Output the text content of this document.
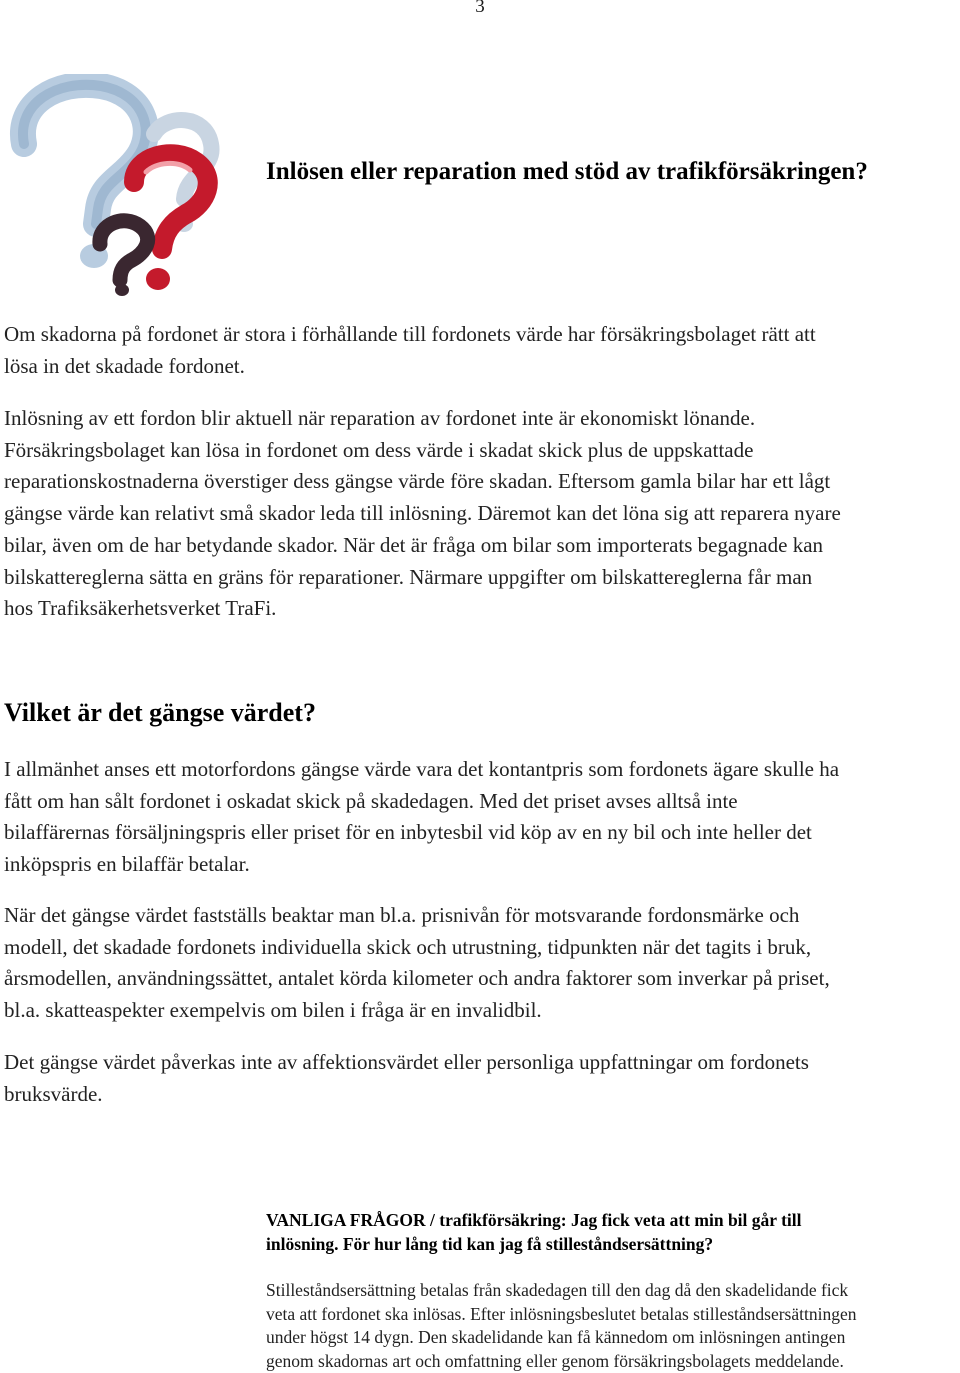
3
Inlösen eller reparation med stöd av trafikförsäkringen?
Om skadorna på fordonet är stora i förhållande till fordonets värde har försäkringsbolaget rätt att
lösa in det skadade fordonet.
Inlösning av ett fordon blir aktuell när reparation av fordonet inte är ekonomiskt lönande.
Försäkringsbolaget kan lösa in fordonet om dess värde i skadat skick plus de uppskattade
reparationskostnaderna överstiger dess gängse värde före skadan. Eftersom gamla bilar har ett lågt
gängse värde kan relativt små skador leda till inlösning. Däremot kan det löna sig att reparera nyare
bilar, även om de har betydande skador. När det är fråga om bilar som importerats begagnade kan
bilskattereglerna sätta en gräns för reparationer. Närmare uppgifter om bilskattereglerna får man
hos Trafiksäkerhetsverket TraFi.
Vilket är det gängse värdet?
I allmänhet anses ett motorfordons gängse värde vara det kontantpris som fordonets ägare skulle ha
fått om han sålt fordonet i oskadat skick på skadedagen. Med det priset avses alltså inte
bilaffärernas försäljningspris eller priset för en inbytesbil vid köp av en ny bil och inte heller det
inköpspris en bilaffär betalar.
När det gängse värdet fastställs beaktar man bl.a. prisnivån för motsvarande fordonsmärke och
modell, det skadade fordonets individuella skick och utrustning, tidpunkten när det tagits i bruk,
årsmodellen, användningssättet, antalet körda kilometer och andra faktorer som inverkar på priset,
bl.a. skatteaspekter exempelvis om bilen i fråga är en invalidbil.
Det gängse värdet påverkas inte av affektionsvärdet eller personliga uppfattningar om fordonets
bruksvärde.
VANLIGA FRÅGOR / trafikförsäkring: Jag fick veta att min bil går till
inlösning. För hur lång tid kan jag få stilleståndsersättning?
Stilleståndsersättning betalas från skadedagen till den dag då den skadelidande fick
veta att fordonet ska inlösas. Efter inlösningsbeslutet betalas stilleståndsersättningen
under högst 14 dygn. Den skadelidande kan få kännedom om inlösningen antingen
genom skadornas art och omfattning eller genom försäkringsbolagets meddelande.
